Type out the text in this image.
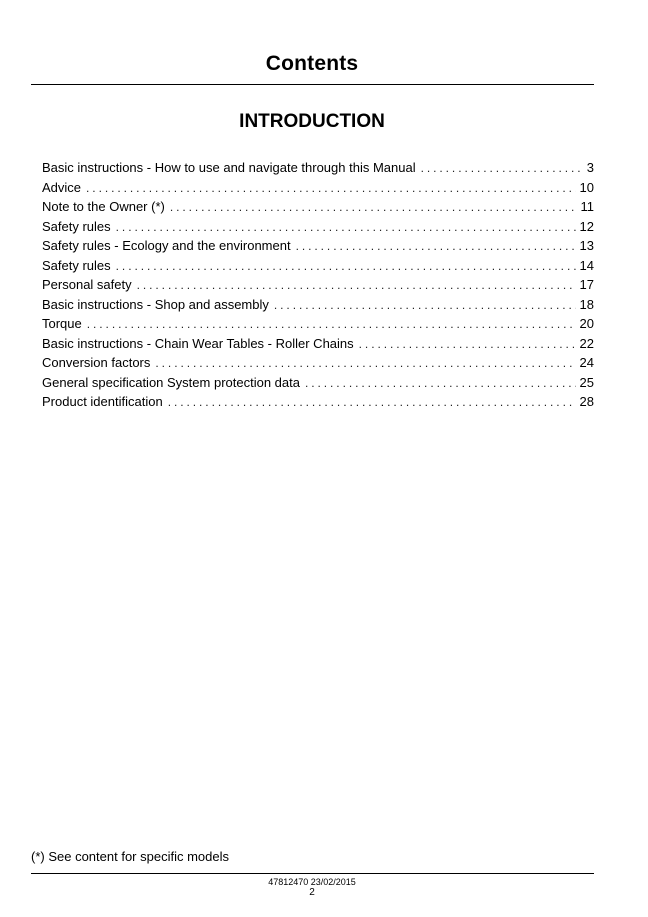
Contents
INTRODUCTION
Basic instructions - How to use and navigate through this Manual . . .	3
Advice . . .	10
Note to the Owner (*) . . .	11
Safety rules . . .	12
Safety rules - Ecology and the environment . . .	13
Safety rules . . .	14
Personal safety . . .	17
Basic instructions - Shop and assembly . . .	18
Torque . . .	20
Basic instructions - Chain Wear Tables - Roller Chains . . .	22
Conversion factors . . .	24
General specification System protection data . . .	25
Product identification . . .	28
(*) See content for specific models
47812470 23/02/2015
2
